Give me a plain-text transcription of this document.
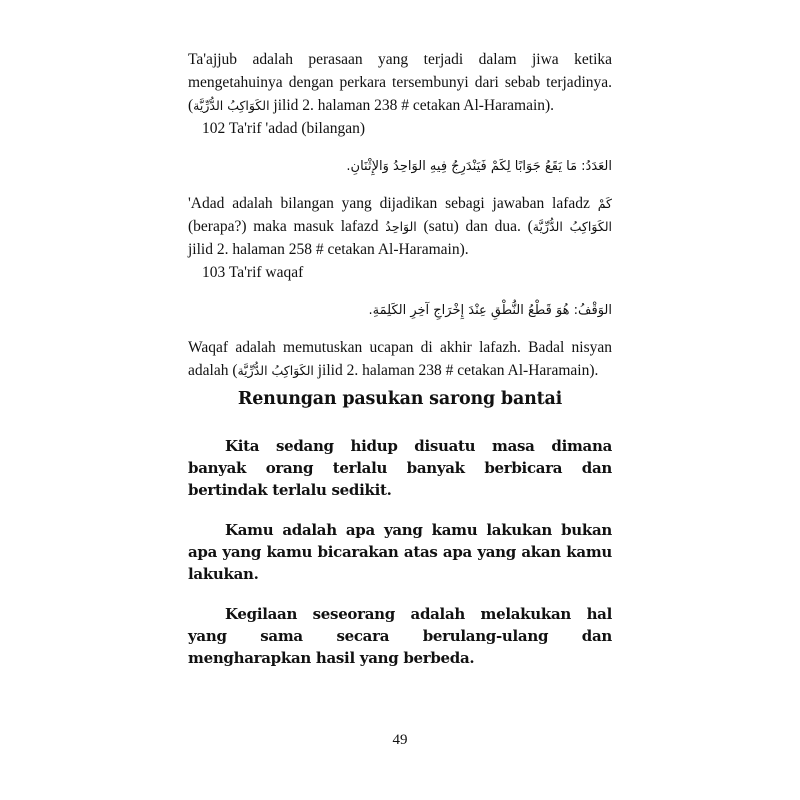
Ta'ajjub adalah perasaan yang terjadi dalam jiwa ketika mengetahuinya dengan perkara tersembunyi dari sebab terjadinya. (الكَوَاكِبُ الدُّرِّيَّة jilid 2. halaman 238 # cetakan Al-Haramain).

102 Ta'rif 'adad (bilangan)

العَدَدُ: مَا يَقَعُ جَوَابًا لِكَمْ فَيَنْدَرِجُ فِيهِ الوَاحِدُ وَالإِثْنَانِ.

'Adad adalah bilangan yang dijadikan sebagi jawaban lafadz كَمْ (berapa?) maka masuk lafazd الوَاحِدُ (satu) dan dua. (الكَوَاكِبُ الدُّرِّيَّة jilid 2. halaman 258 # cetakan Al-Haramain).

103 Ta'rif waqaf

الوَقْفُ: هُوَ قَطْعُ النُّطْقِ عِنْدَ إِخْرَاجِ آخِرِ الكَلِمَةِ.

Waqaf adalah memutuskan ucapan di akhir lafazh. Badal nisyan adalah (الكَوَاكِبُ الدُّرِّيَّة jilid 2. halaman 238 # cetakan Al-Haramain).

Renungan pasukan sarong bantai

Kita sedang hidup disuatu masa dimana banyak orang terlalu banyak berbicara dan bertindak terlalu sedikit.

Kamu adalah apa yang kamu lakukan bukan apa yang kamu bicarakan atas apa yang akan kamu lakukan.

Kegilaan seseorang adalah melakukan hal yang sama secara berulang-ulang dan mengharapkan hasil yang berbeda.

49
